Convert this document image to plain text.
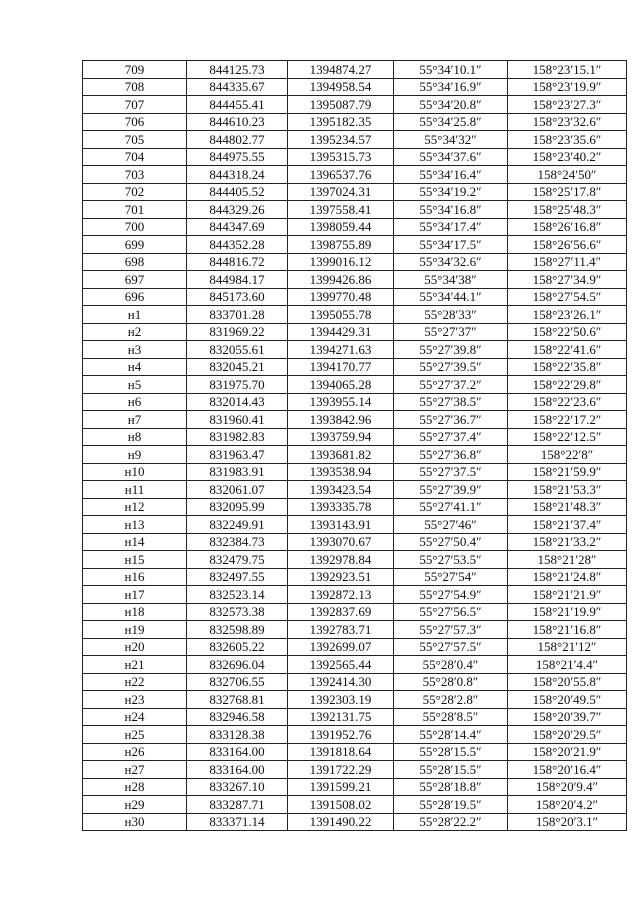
709	844125.73	1394874.27	55°34′10.1″	158°23′15.1″
708	844335.67	1394958.54	55°34′16.9″	158°23′19.9″
707	844455.41	1395087.79	55°34′20.8″	158°23′27.3″
706	844610.23	1395182.35	55°34′25.8″	158°23′32.6″
705	844802.77	1395234.57	55°34′32″	158°23′35.6″
704	844975.55	1395315.73	55°34′37.6″	158°23′40.2″
703	844318.24	1396537.76	55°34′16.4″	158°24′50″
702	844405.52	1397024.31	55°34′19.2″	158°25′17.8″
701	844329.26	1397558.41	55°34′16.8″	158°25′48.3″
700	844347.69	1398059.44	55°34′17.4″	158°26′16.8″
699	844352.28	1398755.89	55°34′17.5″	158°26′56.6″
698	844816.72	1399016.12	55°34′32.6″	158°27′11.4″
697	844984.17	1399426.86	55°34′38″	158°27′34.9″
696	845173.60	1399770.48	55°34′44.1″	158°27′54.5″
н1	833701.28	1395055.78	55°28′33″	158°23′26.1″
н2	831969.22	1394429.31	55°27′37″	158°22′50.6″
н3	832055.61	1394271.63	55°27′39.8″	158°22′41.6″
н4	832045.21	1394170.77	55°27′39.5″	158°22′35.8″
н5	831975.70	1394065.28	55°27′37.2″	158°22′29.8″
н6	832014.43	1393955.14	55°27′38.5″	158°22′23.6″
н7	831960.41	1393842.96	55°27′36.7″	158°22′17.2″
н8	831982.83	1393759.94	55°27′37.4″	158°22′12.5″
н9	831963.47	1393681.82	55°27′36.8″	158°22′8″
н10	831983.91	1393538.94	55°27′37.5″	158°21′59.9″
н11	832061.07	1393423.54	55°27′39.9″	158°21′53.3″
н12	832095.99	1393335.78	55°27′41.1″	158°21′48.3″
н13	832249.91	1393143.91	55°27′46″	158°21′37.4″
н14	832384.73	1393070.67	55°27′50.4″	158°21′33.2″
н15	832479.75	1392978.84	55°27′53.5″	158°21′28″
н16	832497.55	1392923.51	55°27′54″	158°21′24.8″
н17	832523.14	1392872.13	55°27′54.9″	158°21′21.9″
н18	832573.38	1392837.69	55°27′56.5″	158°21′19.9″
н19	832598.89	1392783.71	55°27′57.3″	158°21′16.8″
н20	832605.22	1392699.07	55°27′57.5″	158°21′12″
н21	832696.04	1392565.44	55°28′0.4″	158°21′4.4″
н22	832706.55	1392414.30	55°28′0.8″	158°20′55.8″
н23	832768.81	1392303.19	55°28′2.8″	158°20′49.5″
н24	832946.58	1392131.75	55°28′8.5″	158°20′39.7″
н25	833128.38	1391952.76	55°28′14.4″	158°20′29.5″
н26	833164.00	1391818.64	55°28′15.5″	158°20′21.9″
н27	833164.00	1391722.29	55°28′15.5″	158°20′16.4″
н28	833267.10	1391599.21	55°28′18.8″	158°20′9.4″
н29	833287.71	1391508.02	55°28′19.5″	158°20′4.2″
н30	833371.14	1391490.22	55°28′22.2″	158°20′3.1″
